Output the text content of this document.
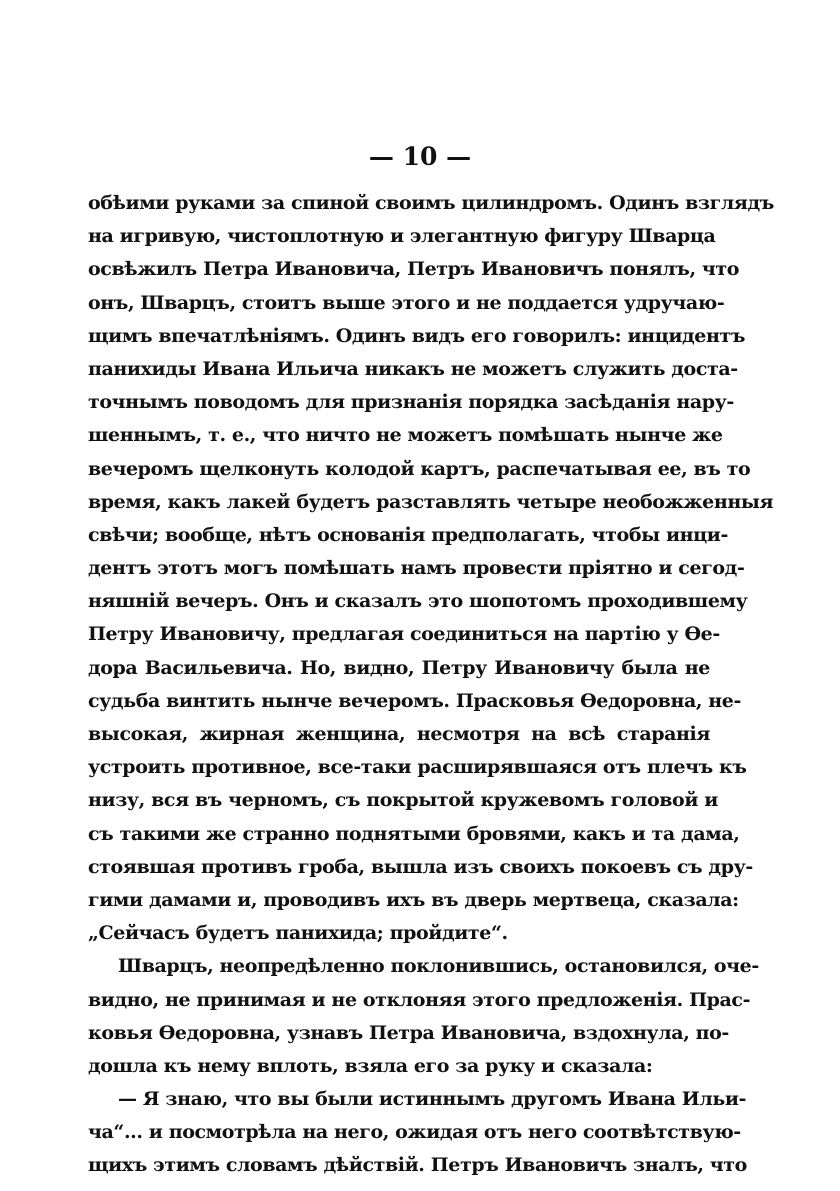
— 10 —
обѣими руками за спиной своимъ цилиндромъ. Одинъ взглядъ
на игривую, чистоплотную и элегантную фигуру Шварца
освѣжилъ Петра Ивановича, Петръ Ивановичъ понялъ, что
онъ, Шварцъ, стоитъ выше этого и не поддается удручаю-
щимъ впечатлѣніямъ. Одинъ видъ его говорилъ: инцидентъ
панихиды Ивана Ильича никакъ не можетъ служить доста-
точнымъ поводомъ для признанія порядка засѣданія нару-
шеннымъ, т. е., что ничто не можетъ помѣшать нынче же
вечеромъ щелконуть колодой картъ, распечатывая ее, въ то
время, какъ лакей будетъ разставлять четыре необожженныя
свѣчи; вообще, нѣтъ основанія предполагать, чтобы инци-
дентъ этотъ могъ помѣшать намъ провести пріятно и сегод-
няшній вечеръ. Онъ и сказалъ это шопотомъ проходившему
Петру Ивановичу, предлагая соединиться на партію у Ѳе-
дора Васильевича. Но, видно, Петру Ивановичу была не
судьба винтить нынче вечеромъ. Прасковья Ѳедоровна, не-
высокая, жирная женщина, несмотря на всѣ старанія
устроить противное, все-таки расширявшаяся отъ плечъ къ
низу, вся въ черномъ, съ покрытой кружевомъ головой и
съ такими же странно поднятыми бровями, какъ и та дама,
стоявшая противъ гроба, вышла изъ своихъ покоевъ съ дру-
гими дамами и, проводивъ ихъ въ дверь мертвеца, сказала:
„Сейчасъ будетъ панихида; пройдите“.
Шварцъ, неопредѣленно поклонившись, остановился, оче-
видно, не принимая и не отклоняя этого предложенія. Прас-
ковья Ѳедоровна, узнавъ Петра Ивановича, вздохнула, по-
дошла къ нему вплоть, взяла его за руку и сказала:
— Я знаю, что вы были истиннымъ другомъ Ивана Ильи-
ча“... и посмотрѣла на него, ожидая отъ него соотвѣтствую-
щихъ этимъ словамъ дѣйствій. Петръ Ивановичъ зналъ, что
